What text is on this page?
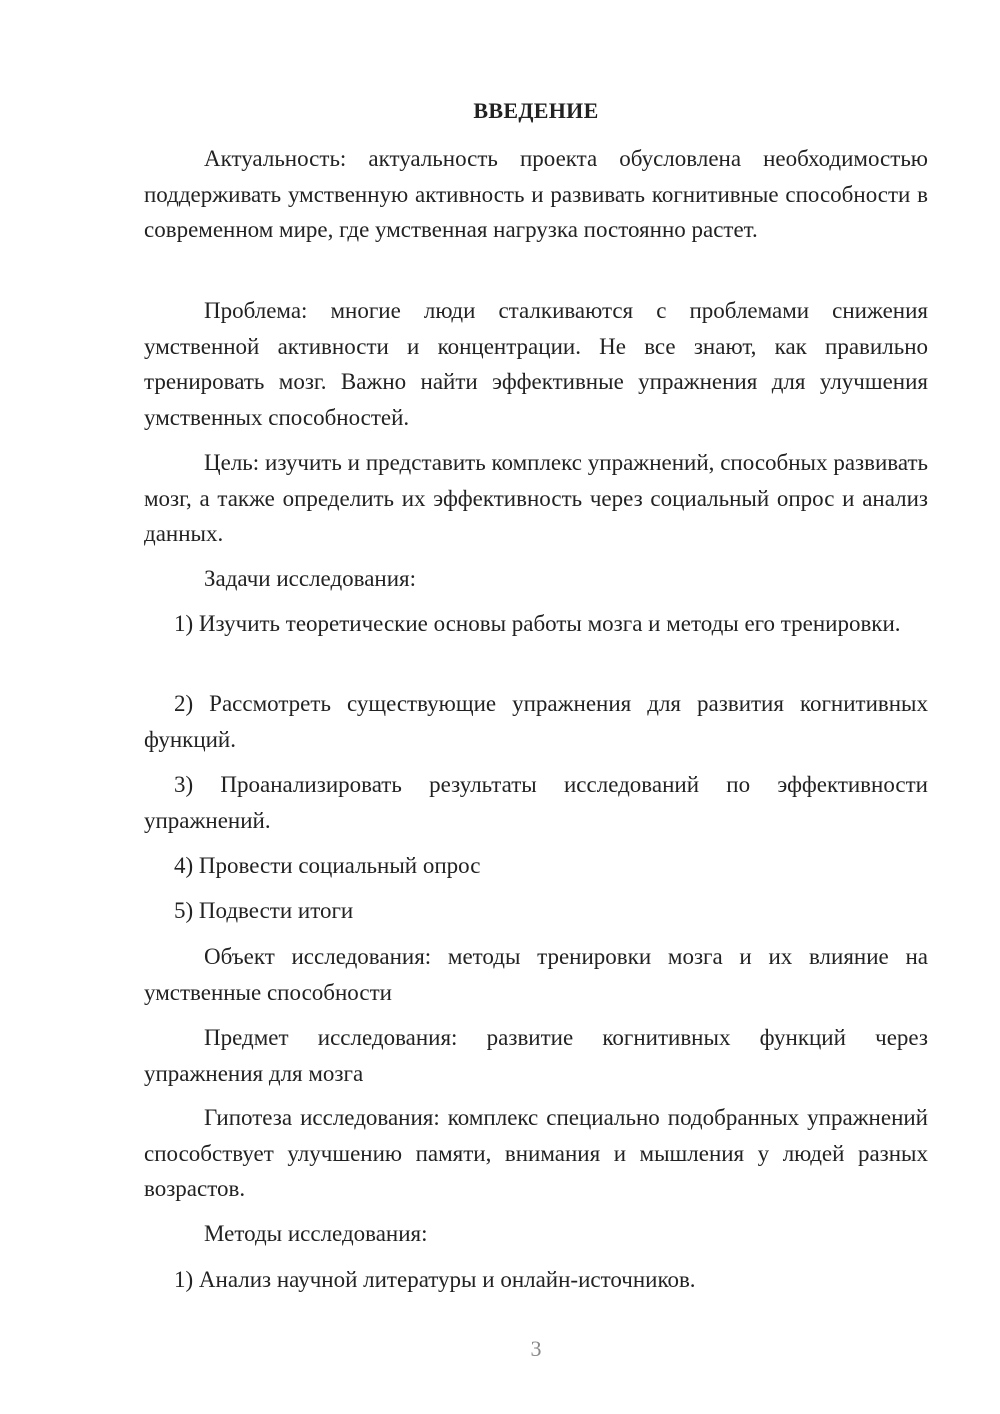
ВВЕДЕНИЕ

Актуальность: актуальность проекта обусловлена необходимостью поддерживать умственную активность и развивать когнитивные способности в современном мире, где умственная нагрузка постоянно растет.

Проблема: многие люди сталкиваются с проблемами снижения умственной активности и концентрации. Не все знают, как правильно тренировать мозг. Важно найти эффективные упражнения для улучшения умственных способностей.

Цель: изучить и представить комплекс упражнений, способных развивать мозг, а также определить их эффективность через социальный опрос и анализ данных.

Задачи исследования:

1) Изучить теоретические основы работы мозга и методы его тренировки.

2) Рассмотреть существующие упражнения для развития когнитивных функций.

3) Проанализировать результаты исследований по эффективности упражнений.

4) Провести социальный опрос

5) Подвести итоги

Объект исследования: методы тренировки мозга и их влияние на умственные способности

Предмет исследования: развитие когнитивных функций через упражнения для мозга

Гипотеза исследования: комплекс специально подобранных упражнений способствует улучшению памяти, внимания и мышления у людей разных возрастов.

Методы исследования:

1) Анализ научной литературы и онлайн-источников.

3
